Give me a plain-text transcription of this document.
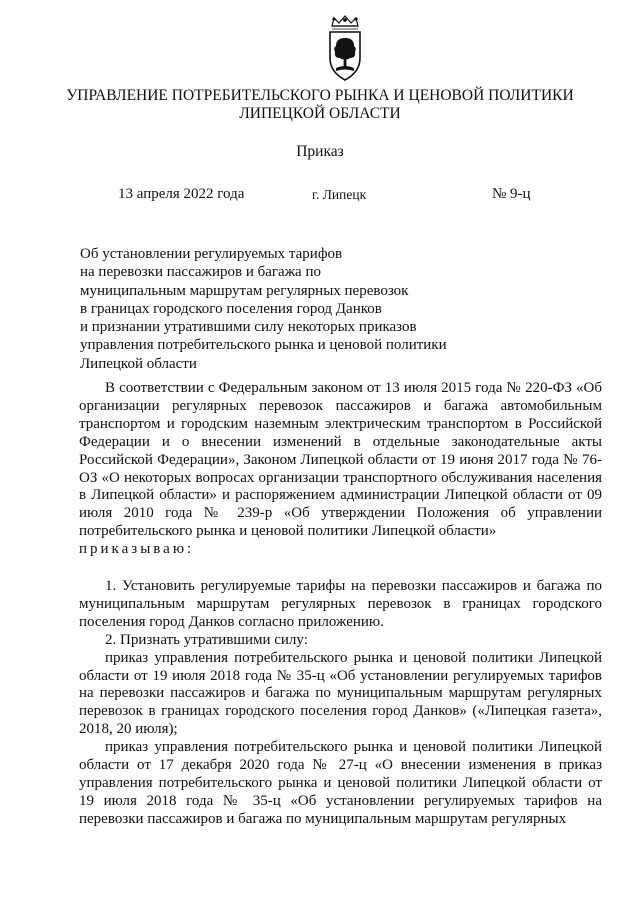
УПРАВЛЕНИЕ ПОТРЕБИТЕЛЬСКОГО РЫНКА И ЦЕНОВОЙ ПОЛИТИКИ
ЛИПЕЦКОЙ ОБЛАСТИ
Приказ
13 апреля 2022 года	г. Липецк	№ 9-ц
Об установлении регулируемых тарифов
на перевозки пассажиров и багажа по
муниципальным маршрутам регулярных перевозок
в границах городского поселения город Данков
и признании утратившими силу некоторых приказов
управления потребительского рынка и ценовой политики
Липецкой области

В соответствии с Федеральным законом от 13 июля 2015 года № 220-ФЗ «Об организации регулярных перевозок пассажиров и багажа автомобильным транспортом и городским наземным электрическим транспортом в Российской Федерации и о внесении изменений в отдельные законодательные акты Российской Федерации», Законом Липецкой области от 19 июня 2017 года № 76-ОЗ «О некоторых вопросах организации транспортного обслуживания населения в Липецкой области» и распоряжением администрации Липецкой области от 09 июля 2010 года № 239-р «Об утверждении Положения об управлении потребительского рынка и ценовой политики Липецкой области»

приказываю:

1. Установить регулируемые тарифы на перевозки пассажиров и багажа по муниципальным маршрутам регулярных перевозок в границах городского поселения город Данков согласно приложению.

2. Признать утратившими силу:

приказ управления потребительского рынка и ценовой политики Липецкой области от 19 июля 2018 года № 35-ц «Об установлении регулируемых тарифов на перевозки пассажиров и багажа по муниципальным маршрутам регулярных перевозок в границах городского поселения город Данков» («Липецкая газета», 2018, 20 июля);

приказ управления потребительского рынка и ценовой политики Липецкой области от 17 декабря 2020 года № 27-ц «О внесении изменения в приказ управления потребительского рынка и ценовой политики Липецкой области от 19 июля 2018 года № 35-ц «Об установлении регулируемых тарифов на перевозки пассажиров и багажа по муниципальным маршрутам регулярных
